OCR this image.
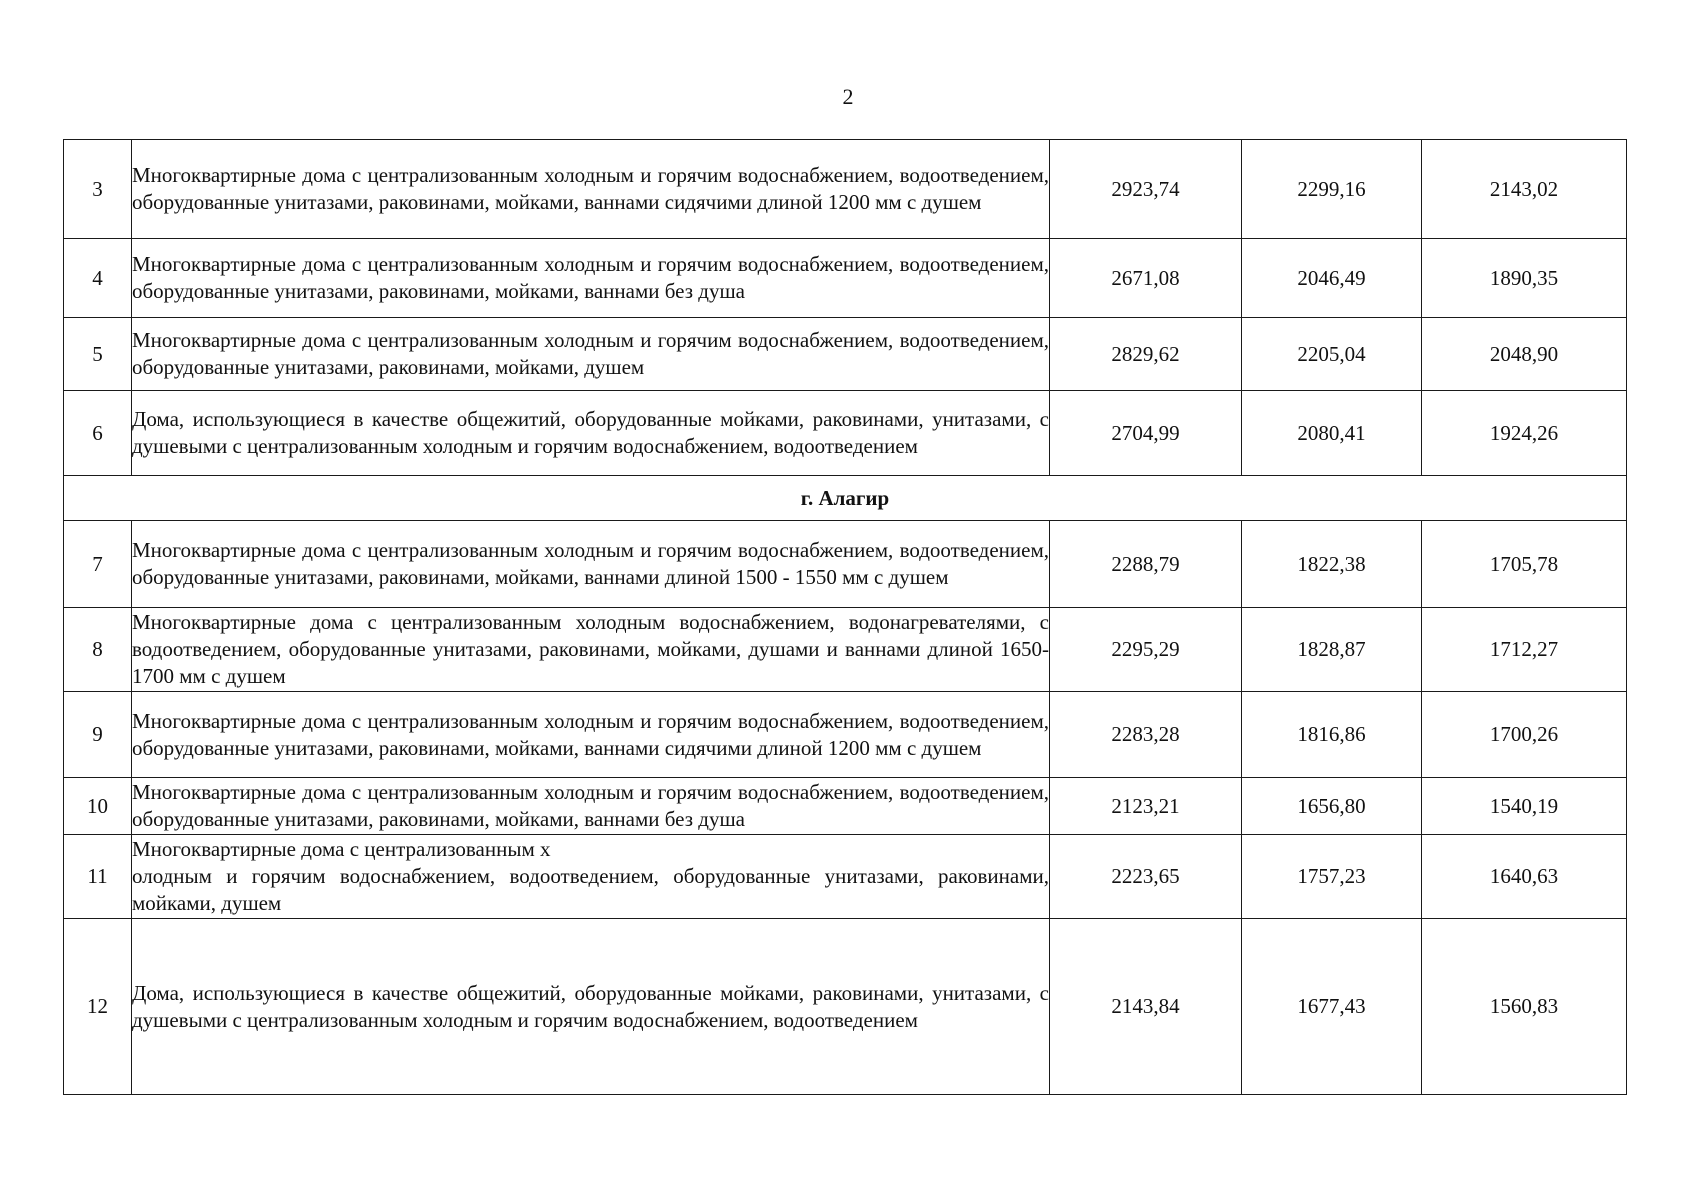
2
3	Многоквартирные дома с централизованным холодным и горячим водоснабжением, водоотведением, оборудованные унитазами, раковинами, мойками, ваннами сидячими длиной 1200 мм с душем	2923,74	2299,16	2143,02
4	Многоквартирные дома с централизованным холодным и горячим водоснабжением, водоотведением, оборудованные унитазами, раковинами, мойками, ваннами без душа	2671,08	2046,49	1890,35
5	Многоквартирные дома с централизованным холодным и горячим водоснабжением, водоотведением, оборудованные унитазами, раковинами, мойками, душем	2829,62	2205,04	2048,90
6	Дома, использующиеся в качестве общежитий, оборудованные мойками, раковинами, унитазами, с душевыми с централизованным холодным и горячим водоснабжением, водоотведением	2704,99	2080,41	1924,26
г. Алагир				
7	Многоквартирные дома с централизованным холодным и горячим водоснабжением, водоотведением, оборудованные унитазами, раковинами, мойками, ваннами длиной 1500 - 1550 мм с душем	2288,79	1822,38	1705,78
8	Многоквартирные дома с централизованным холодным водоснабжением, водонагревателями, с водоотведением, оборудованные унитазами, раковинами, мойками, душами и ваннами длиной 1650-1700 мм с душем	2295,29	1828,87	1712,27
9	Многоквартирные дома с централизованным холодным и горячим водоснабжением, водоотведением, оборудованные унитазами, раковинами, мойками, ваннами сидячими длиной 1200 мм с душем	2283,28	1816,86	1700,26
10	Многоквартирные дома с централизованным холодным и горячим водоснабжением, водоотведением, оборудованные унитазами, раковинами, мойками, ваннами без душа	2123,21	1656,80	1540,19
11	Многоквартирные дома с централизованным х
олодным и горячим водоснабжением, водоотведением, оборудованные унитазами, раковинами, мойками, душем	2223,65	1757,23	1640,63
12	Дома, использующиеся в качестве общежитий, оборудованные мойками, раковинами, унитазами, с душевыми с централизованным холодным и горячим водоснабжением, водоотведением	2143,84	1677,43	1560,83
